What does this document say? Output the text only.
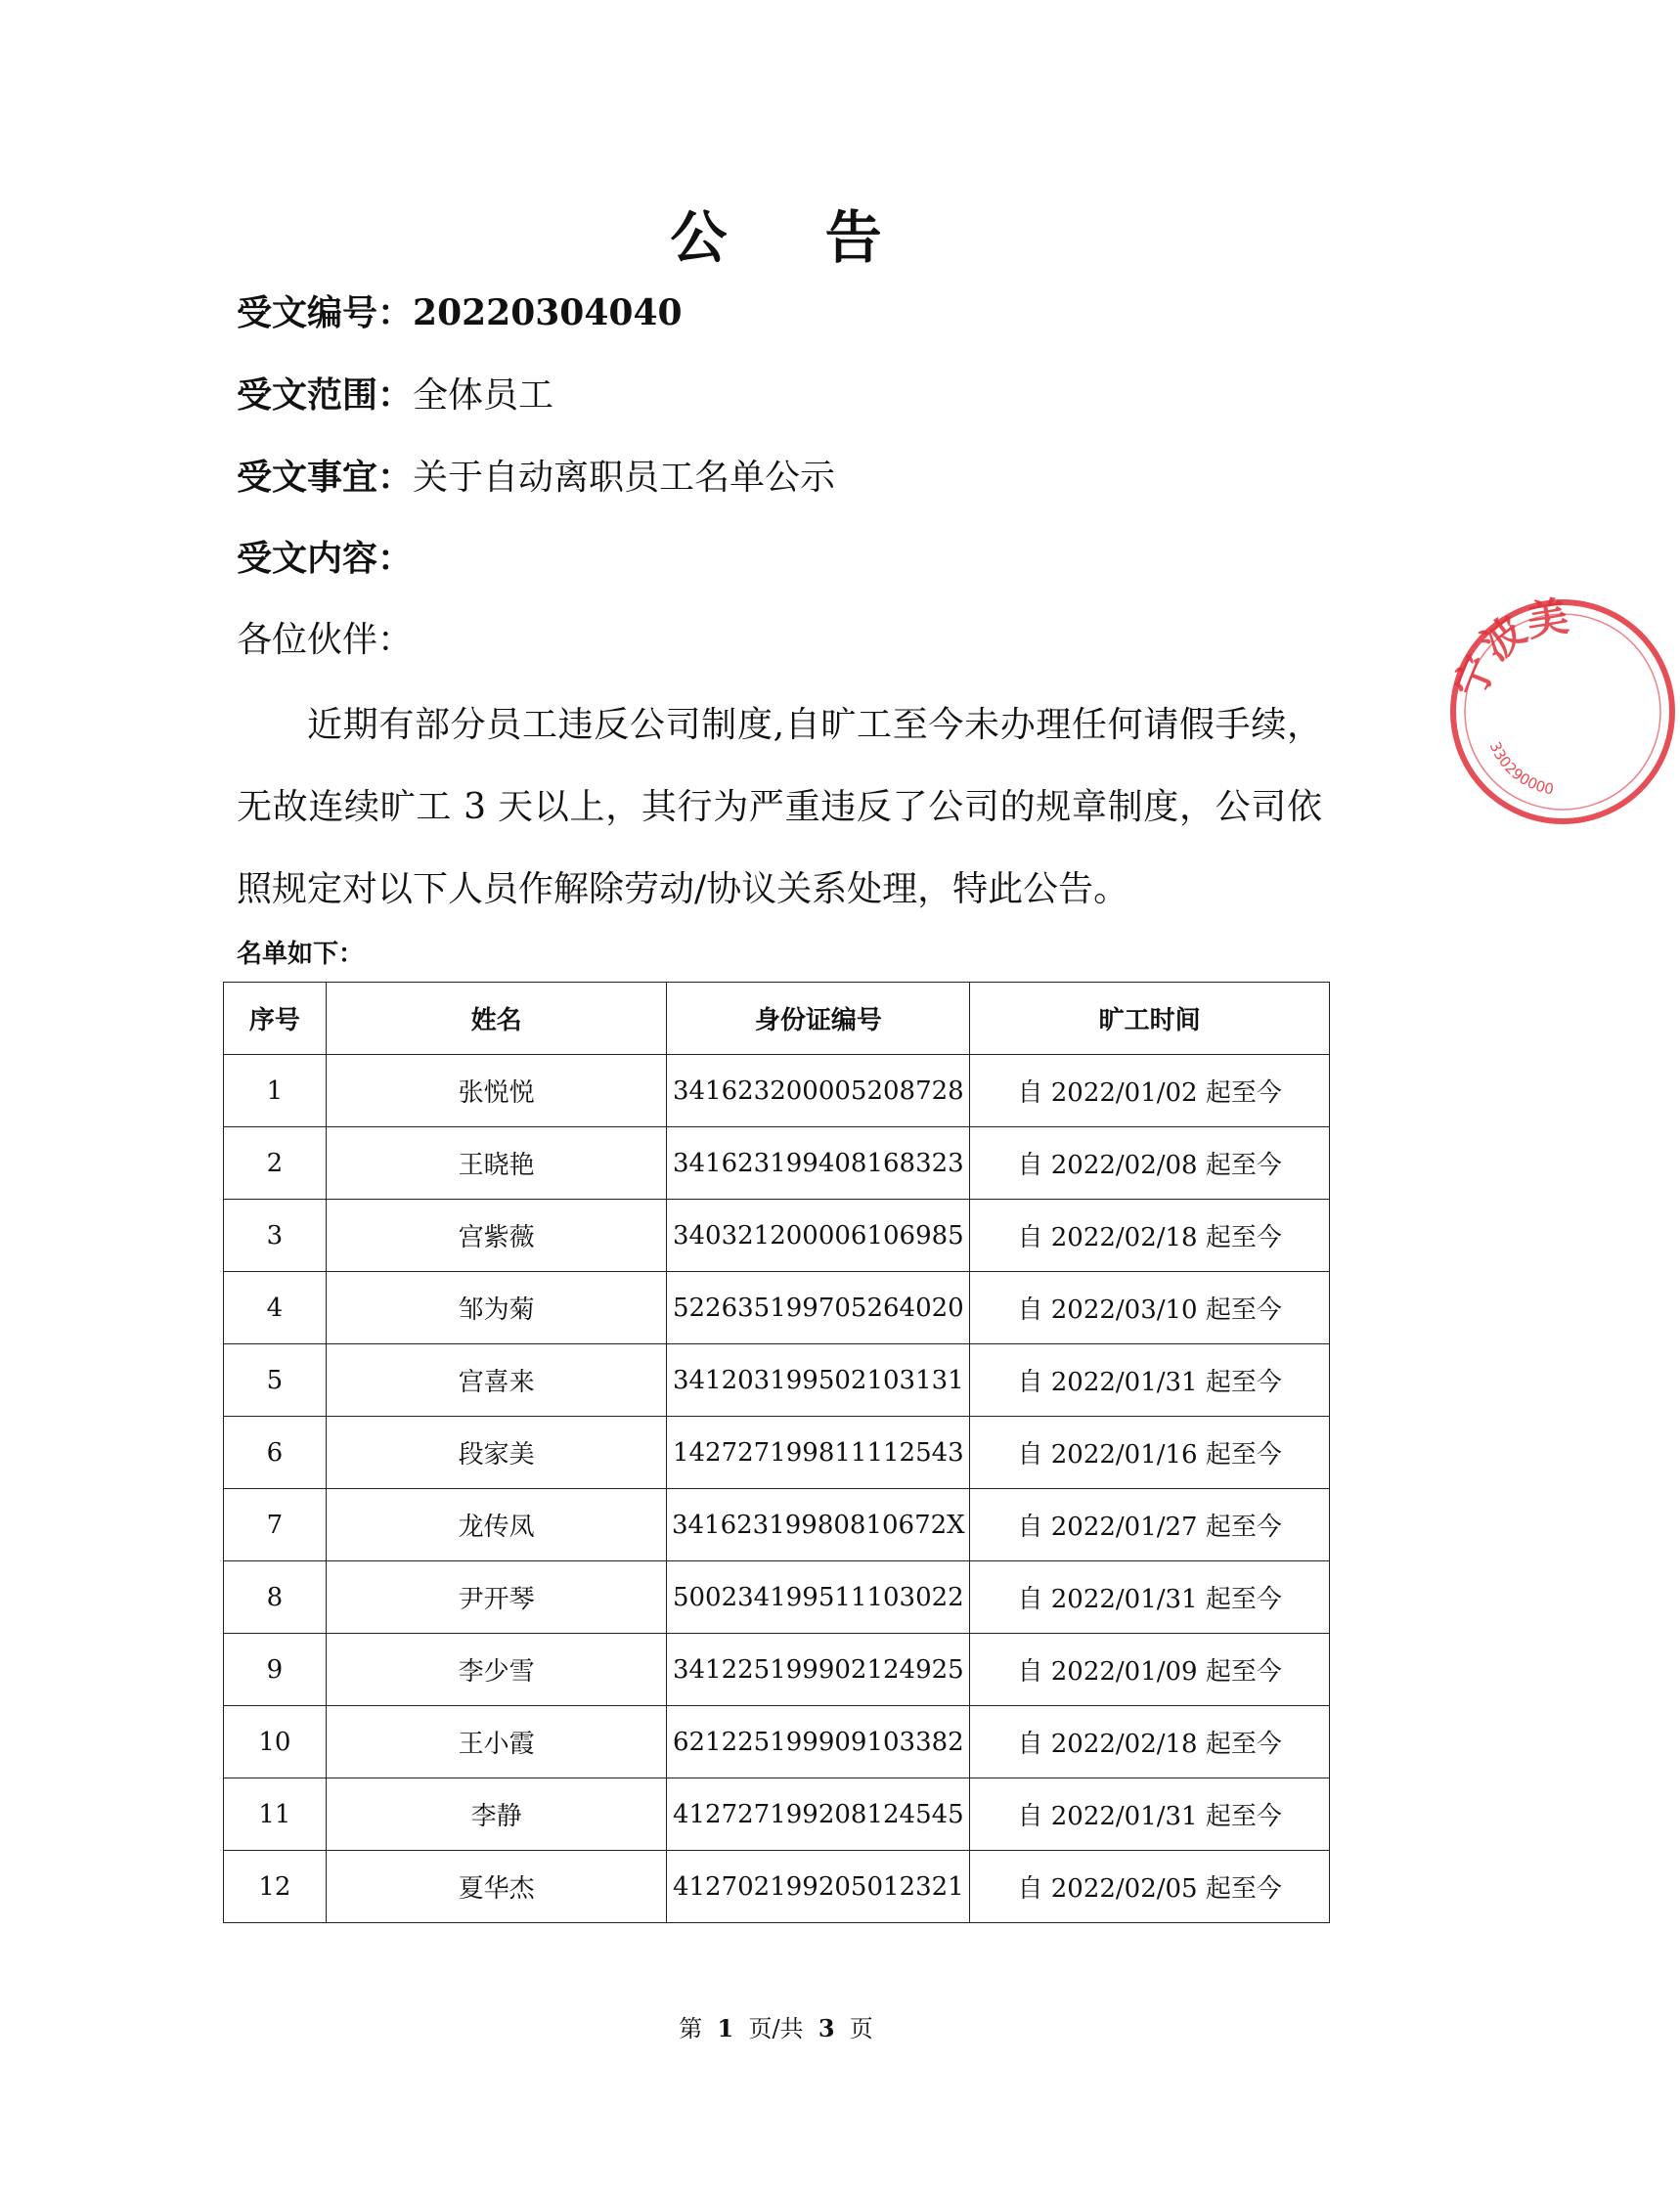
公 告
受文编号：20220304040
受文范围：全体员工
受文事宜：关于自动离职员工名单公示
受文内容：
各位伙伴：
近期有部分员工违反公司制度,自旷工至今未办理任何请假手续，无故连续旷工 3 天以上，其行为严重违反了公司的规章制度，公司依照规定对以下人员作解除劳动/协议关系处理，特此公告。
名单如下：
序号	姓名	身份证编号	旷工时间
1	张悦悦	341623200005208728	自 2022/01/02 起至今
2	王晓艳	341623199408168323	自 2022/02/08 起至今
3	宫紫薇	340321200006106985	自 2022/02/18 起至今
4	邹为菊	522635199705264020	自 2022/03/10 起至今
5	宫喜来	341203199502103131	自 2022/01/31 起至今
6	段家美	142727199811112543	自 2022/01/16 起至今
7	龙传凤	34162319980810672X	自 2022/01/27 起至今
8	尹开琴	500234199511103022	自 2022/01/31 起至今
9	李少雪	341225199902124925	自 2022/01/09 起至今
10	王小霞	621225199909103382	自 2022/02/18 起至今
11	李静	412727199208124545	自 2022/01/31 起至今
12	夏华杰	412702199205012321	自 2022/02/05 起至今
第 1 页/共 3 页
宁波美
330290000
